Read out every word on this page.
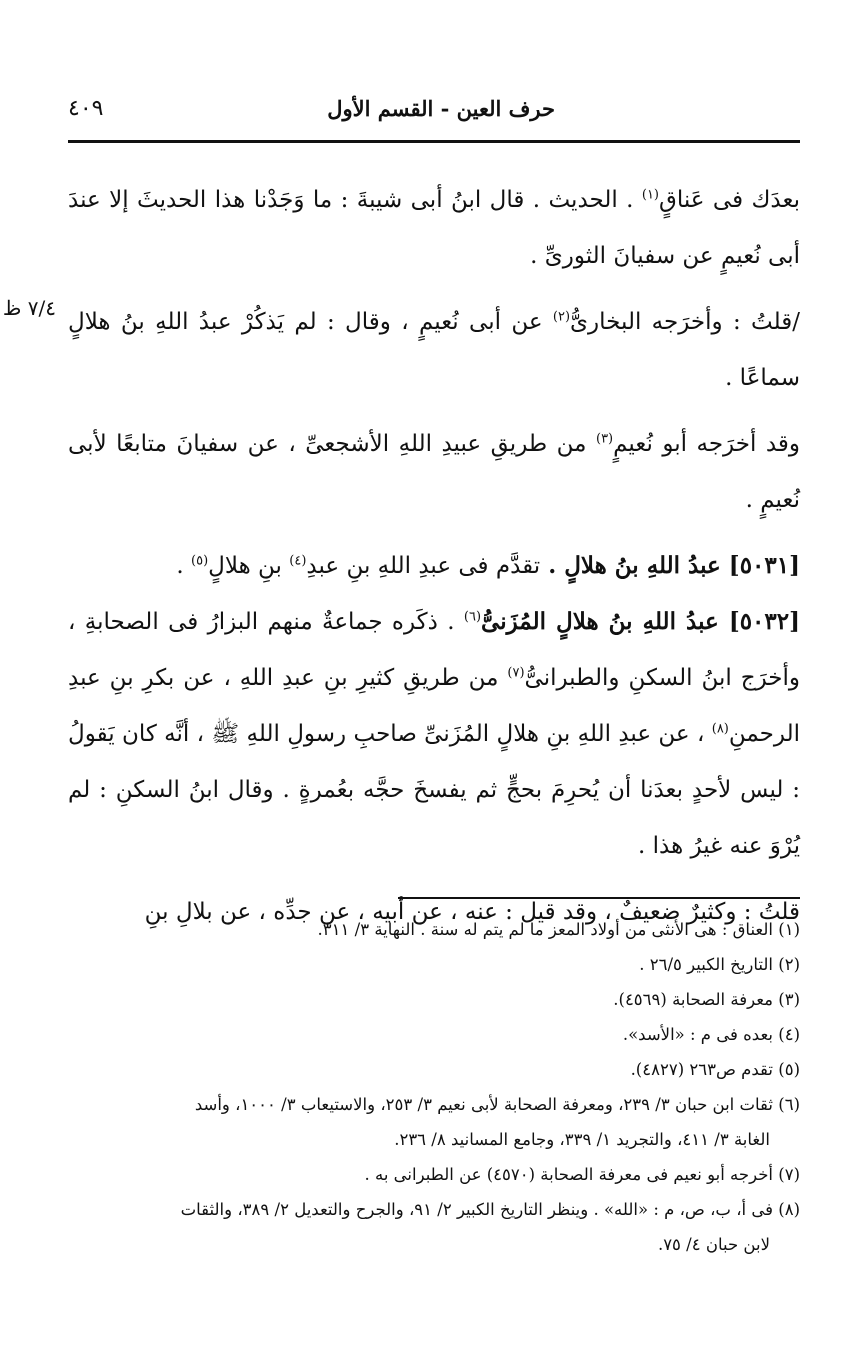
حرف العين - القسم الأول
٤٠٩
٧/٤ ظ

بعدَك فى عَناقٍ$^{(١)}$ . الحديث . قال ابنُ أبى شيبةَ : ما وَجَدْنا هذا الحديثَ إلا عندَ أبى نُعيمٍ عن سفيانَ الثورىِّ .

/قلتُ : وأخرَجه البخارىُّ$^{(٢)}$ عن أبى نُعيمٍ ، وقال : لم يَذكُرْ عبدُ اللهِ بنُ هلالٍ سماعًا .

وقد أخرَجه أبو نُعيمٍ$^{(٣)}$ من طريقِ عبيدِ اللهِ الأشجعىِّ ، عن سفيانَ متابعًا لأبى نُعيمٍ .

[٥٠٣١] عبدُ اللهِ بنُ هلالٍ . تقدَّم فى عبدِ اللهِ بنِ عبدِ$^{(٤)}$ بنِ هلالٍ$^{(٥)}$ .

[٥٠٣٢] عبدُ اللهِ بنُ هلالٍ المُزَنىُّ$^{(٦)}$ . ذكَره جماعةٌ منهم البزارُ فى الصحابةِ ، وأخرَج ابنُ السكنِ والطبرانىُّ$^{(٧)}$ من طريقِ كثيرِ بنِ عبدِ اللهِ ، عن بكرِ بنِ عبدِ الرحمنِ$^{(٨)}$ ، عن عبدِ اللهِ بنِ هلالٍ المُزَنىِّ صاحبِ رسولِ اللهِ ﷺ ، أنَّه كان يَقولُ : ليس لأحدٍ بعدَنا أن يُحرِمَ بحجٍّ ثم يفسخَ حجَّه بعُمرةٍ . وقال ابنُ السكنِ : لم يُرْوَ عنه غيرُ هذا .

قلتُ : وكثيرٌ ضعيفٌ ، وقد قيل : عنه ، عن أبيه ، عن جدِّه ، عن بلالِ بنِ

(١) العناق : هى الأنثى من أولاد المعز ما لم يتم له سنة . النهاية ٣/ ٣١١.

(٢) التاريخ الكبير ٢٦/٥ .

(٣) معرفة الصحابة (٤٥٦٩).

(٤) بعده فى م : «الأسد».

(٥) تقدم ص٢٦٣ (٤٨٢٧).

(٦) ثقات ابن حبان ٣/ ٢٣٩، ومعرفة الصحابة لأبى نعيم ٣/ ٢٥٣، والاستيعاب ٣/ ١٠٠٠، وأسد
الغابة ٣/ ٤١١، والتجريد ١/ ٣٣٩، وجامع المسانيد ٨/ ٢٣٦.

(٧) أخرجه أبو نعيم فى معرفة الصحابة (٤٥٧٠) عن الطبرانى به .

(٨) فى أ، ب، ص، م : «الله» . وينظر التاريخ الكبير ٢/ ٩١، والجرح والتعديل ٢/ ٣٨٩، والثقات
لابن حبان ٤/ ٧٥.
